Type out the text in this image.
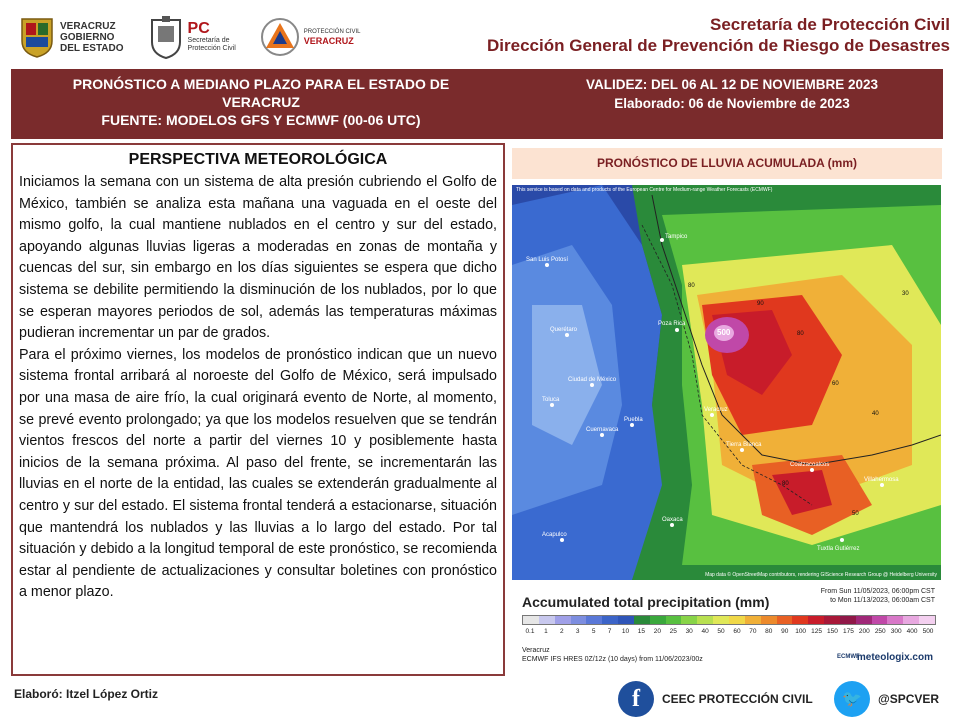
VERACRUZ
GOBIERNO
DEL ESTADO
PC
Secretaría de
Protección Civil
PROTECCIÓN CIVIL
VERACRUZ
Secretaría de Protección Civil
Dirección General de Prevención de Riesgo de Desastres
PRONÓSTICO A MEDIANO PLAZO PARA EL ESTADO DE
VERACRUZ
FUENTE: MODELOS GFS Y ECMWF (00-06 UTC)
VALIDEZ: DEL 06 AL 12 DE NOVIEMBRE 2023
Elaborado: 06 de Noviembre de 2023
PERSPECTIVA METEOROLÓGICA

Iniciamos la semana con un sistema de alta presión cubriendo el Golfo de México, también se analiza esta mañana una vaguada en el oeste del mismo golfo, la cual mantiene nublados en el centro y sur del estado, apoyando algunas lluvias ligeras a moderadas en zonas de montaña y cuencas del sur, sin embargo en los días siguientes se espera que dicho sistema se debilite permitiendo la disminución de los nublados, por lo que se esperan mayores periodos de sol, además las temperaturas máximas pudieran incrementar un par de grados.

Para el próximo viernes, los modelos de pronóstico indican que un nuevo sistema frontal arribará al noroeste del Golfo de México, será impulsado por una masa de aire frío, la cual originará evento de Norte, al momento, se prevé evento prolongado; ya que los modelos resuelven que se tendrán vientos frescos del norte a partir del viernes 10 y posiblemente hasta inicios de la semana próxima. Al paso del frente, se incrementarán las lluvias en el norte de la entidad, las cuales se extenderán gradualmente al centro y sur del estado. El sistema frontal tenderá a estacionarse, situación que mantendrá los nublados y las lluvias a lo largo del estado. Por tal situación y debido a la longitud temporal de este pronóstico, se recomienda estar al pendiente de actualizaciones y consultar boletines con pronóstico a menor plazo.

PRONÓSTICO DE LLUVIA ACUMULADA (mm)
Tampico
Poza Rica
Veracruz
Puebla
Oaxaca
Villahermosa
Tuxtla Gutiérrez
Coatzacoalcos
Ciudad de México
Querétaro
Toluca
Cuernavaca
Acapulco
Tierra Blanca
San Luis Potosí
80
90
80
60
40
30
80
50
500
This service is based on data and products of the European Centre for Medium-range Weather Forecasts (ECMWF)
Map data © OpenStreetMap contributors, rendering GIScience Research Group @ Heidelberg University
Accumulated total precipitation (mm)
From Sun 11/05/2023, 06:00pm CST
to Mon 11/13/2023, 06:00am CST
0.1	1	2	3	5	7	10	15	20	25	30	40	50	60	70	80	90	100 125 150 175 200 250 300 400 500
Veracruz
ECMWF IFS HRES 0Z/12z (10 days) from 11/06/2023/00z	ECMWF
meteologix.com
Elaboró: Itzel López Ortiz	f	CEEC PROTECCIÓN CIVIL	🐦	@SPCVER
